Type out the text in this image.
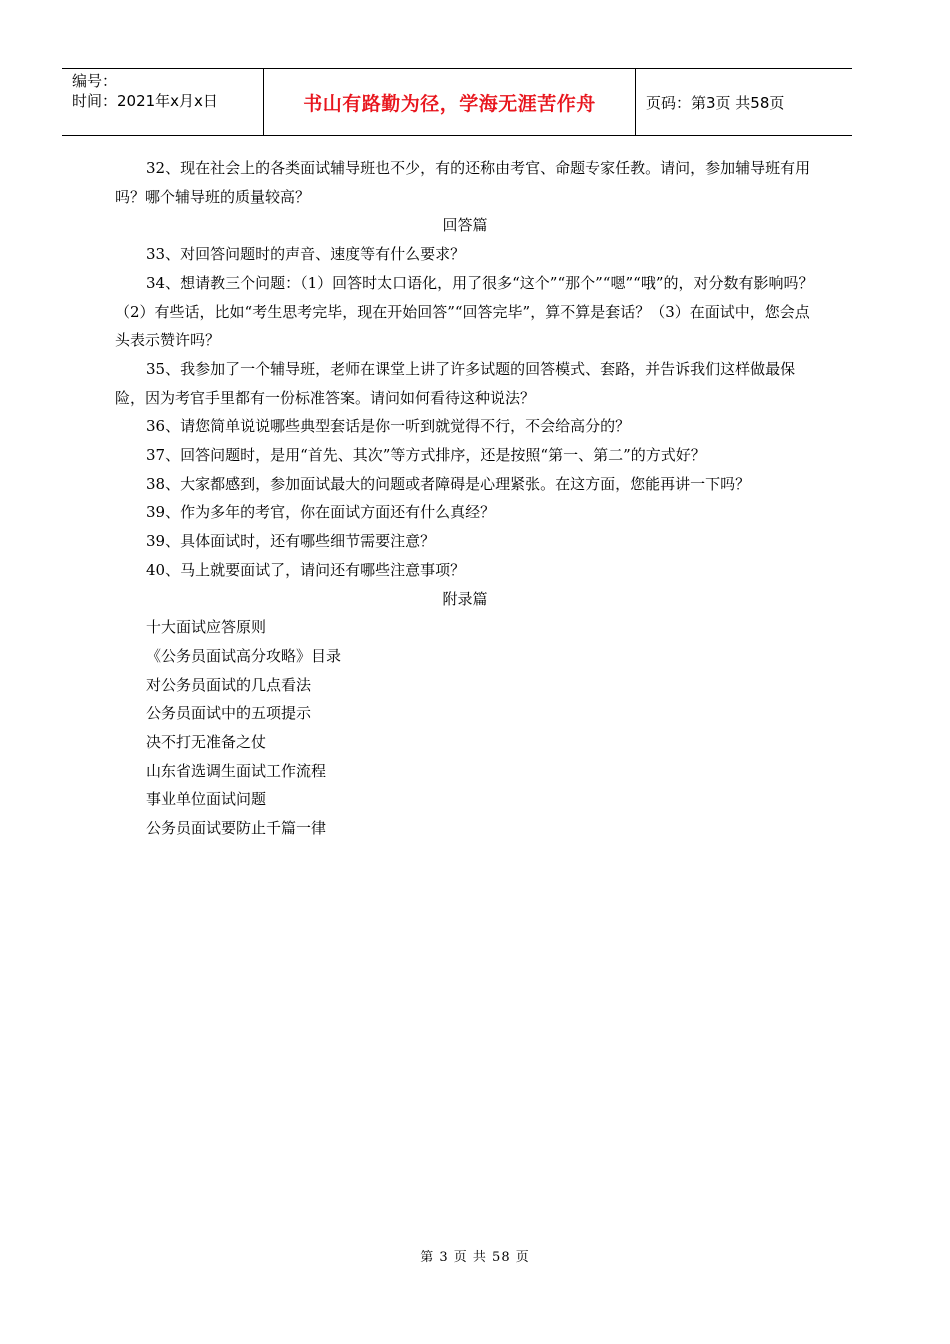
编号：
时间：2021年x月x日	书山有路勤为径，学海无涯苦作舟	页码：第3页 共58页

32、现在社会上的各类面试辅导班也不少，有的还称由考官、命题专家任教。请问，参加辅导班有用吗？哪个辅导班的质量较高？

回答篇

33、对回答问题时的声音、速度等有什么要求？

34、想请教三个问题：（1）回答时太口语化，用了很多“这个”“那个”“嗯”“哦”的，对分数有影响吗？（2）有些话，比如“考生思考完毕，现在开始回答”“回答完毕”，算不算是套话？（3）在面试中，您会点头表示赞许吗？

35、我参加了一个辅导班，老师在课堂上讲了许多试题的回答模式、套路，并告诉我们这样做最保险，因为考官手里都有一份标准答案。请问如何看待这种说法？

36、请您简单说说哪些典型套话是你一听到就觉得不行，不会给高分的？

37、回答问题时，是用“首先、其次”等方式排序，还是按照“第一、第二”的方式好？

38、大家都感到，参加面试最大的问题或者障碍是心理紧张。在这方面，您能再讲一下吗？

39、作为多年的考官，你在面试方面还有什么真经？

39、具体面试时，还有哪些细节需要注意？

40、马上就要面试了，请问还有哪些注意事项？

附录篇

十大面试应答原则

《公务员面试高分攻略》目录

对公务员面试的几点看法

公务员面试中的五项提示

决不打无准备之仗

山东省选调生面试工作流程

事业单位面试问题

公务员面试要防止千篇一律

第 3 页 共 58 页
